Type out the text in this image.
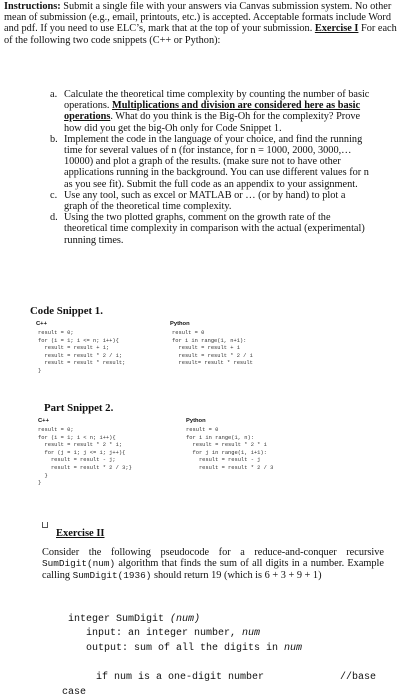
Instructions: Submit a single file with your answers via Canvas submission system. No other mean of submission (e.g., email, printouts, etc.) is accepted. Acceptable formats include Word and pdf. If you need to use ELC’s, mark that at the top of your submission. Exercise I For each of the following two code snippets (C++ or Python):

a. Calculate the theoretical time complexity by counting the number of basic operations. Multiplications and division are considered here as basic operations. What do you think is the Big-Oh for the complexity? Prove how did you get the big-Oh only for Code Snippet 1.
b. Implement the code in the language of your choice, and find the running time for several values of n (for instance, for n = 1000, 2000, 3000,…10000) and plot a graph of the results. (make sure not to have other applications running in the background. You can use different values for n as you see fit). Submit the full code as an appendix to your assignment.
c. Use any tool, such as excel or MATLAB or … (or by hand) to plot a graph of the theoretical time complexity.
d. Using the two plotted graphs, comment on the growth rate of the theoretical time complexity in comparison with the actual (experimental) running times.
Code Snippet 1.
C++
result = 0;
for (i = 1; i <= n; i++){
result = result + i;
result = result * 2 / i;
result = result * result;
}
Python
result = 0
for i in range(1, n+1):
result = result + i
result = result * 2 / i
result= result * result
Part Snippet 2.
C++
result = 0;
for (i = 1; i < n; i++){
result = result * 2 * i;
for (j = 1; j <= i; j++){
result = result - j;
result = result * 2 / 3;}
}
}
Python
result = 0
for i in range(1, n):
result = result * 2 * i
for j in range(1, i+1):
result = result - j
result = result * 2 / 3
Exercise II

Consider the following pseudocode for a reduce-and-conquer recursive SumDigit(num) algorithm that finds the sum of all digits in a number. Example calling SumDigit(1936) should return 19 (which is 6 + 3 + 9 + 1)

integer SumDigit (num)
input: an integer number, num
output: sum of all the digits in num
if num is a one-digit number	//base
case
